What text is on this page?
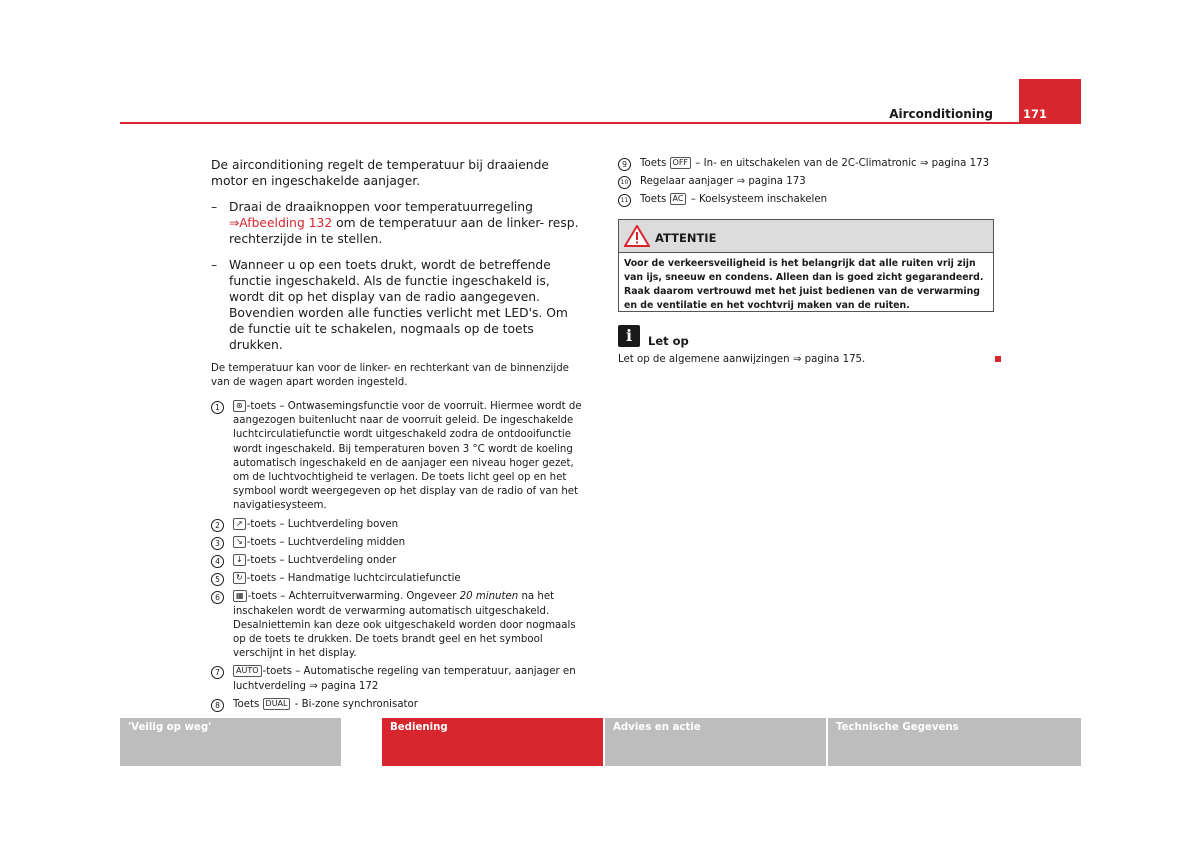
Airconditioning	171

De airconditioning regelt de temperatuur bij draaiende motor en ingeschakelde aanjager.

– Draai de draaiknoppen voor temperatuurregeling ⇒Afbeelding 132 om de temperatuur aan de linker- resp. rechterzijde in te stellen.
– Wanneer u op een toets drukt, wordt de betreffende functie ingeschakeld. Als de functie ingeschakeld is, wordt dit op het display van de radio aangegeven. Bovendien worden alle functies verlicht met LED's. Om de functie uit te schakelen, nogmaals op de toets drukken.

De temperatuur kan voor de linker- en rechterkant van de binnenzijde van de wagen apart worden ingesteld.

1	⊛ -toets – Ontwasemingsfunctie voor de voorruit. Hiermee wordt de aangezogen buitenlucht naar de voorruit geleid. De ingeschakelde luchtcirculatiefunctie wordt uitgeschakeld zodra de ontdooifunctie wordt ingeschakeld. Bij temperaturen boven 3 °C wordt de koeling automatisch ingeschakeld en de aanjager een niveau hoger gezet, om de luchtvochtigheid te verlagen. De toets licht geel op en het symbool wordt weergegeven op het display van de radio of van het navigatiesysteem.
2	↗ -toets – Luchtverdeling boven
3	↘ -toets – Luchtverdeling midden
4	↓ -toets – Luchtverdeling onder
5	↻ -toets – Handmatige luchtcirculatiefunctie
6	▦ -toets – Achterruitverwarming. Ongeveer 20 minuten na het inschakelen wordt de verwarming automatisch uitgeschakeld. Desalniettemin kan deze ook uitgeschakeld worden door nogmaals op de toets te drukken. De toets brandt geel en het symbool verschijnt in het display.
7	AUTO -toets – Automatische regeling van temperatuur, aanjager en luchtverdeling ⇒ pagina 172
8	Toets DUAL - Bi-zone synchronisator
9	Toets OFF – In- en uitschakelen van de 2C-Climatronic ⇒ pagina 173
10 Regelaar aanjager ⇒ pagina 173
11 Toets AC – Koelsysteem inschakelen
ATTENTIE
Voor de verkeersveiligheid is het belangrijk dat alle ruiten vrij zijn van ijs, sneeuw en condens. Alleen dan is goed zicht gegarandeerd. Raak daarom vertrouwd met het juist bedienen van de verwarming en de ventilatie en het vochtvrij maken van de ruiten.
i	Let op
Let op de algemene aanwijzingen ⇒ pagina 175.
'Veilig op weg'	Bediening	Advies en actie	Technische Gegevens
